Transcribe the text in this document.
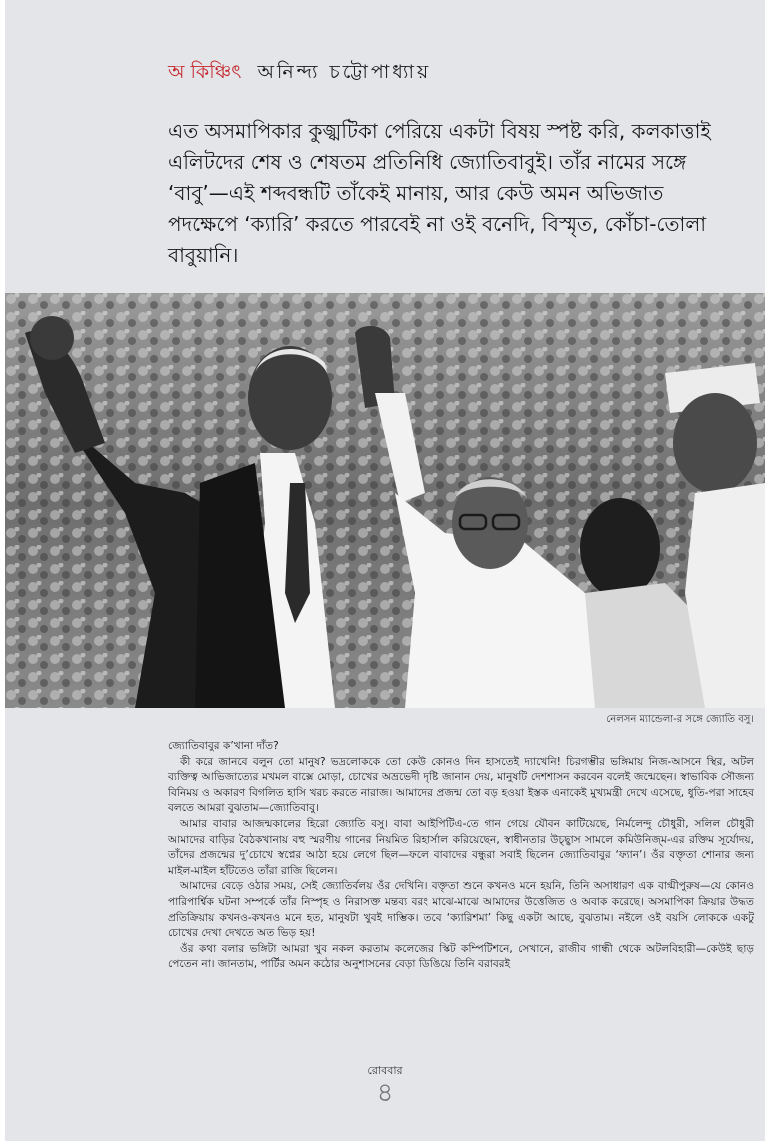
অ কিঞ্চিৎ অনিন্দ্য চট্টোপাধ্যায়

এত অসমাপিকার কুজ্ঝটিকা পেরিয়ে একটা বিষয় স্পষ্ট করি, কলকাত্তাই এলিটদের শেষ ও শেষতম প্রতিনিধি জ্যোতিবাবুই। তাঁর নামের সঙ্গে ‘বাবু’—এই শব্দবন্ধটি তাঁকেই মানায়, আর কেউ অমন অভিজাত পদক্ষেপে ‘ক্যারি’ করতে পারবেই না ওই বনেদি, বিস্মৃত, কোঁচা-তোলা বাবুয়ানি।

নেলসন ম্যান্ডেলা-র সঙ্গে জ্যোতি বসু।

জ্যোতিবাবুর ক’খানা দাঁত?

কী করে জানবে বলুন তো মানুষ? ভদ্রলোককে তো কেউ কোনও দিন হাসতেই দ্যাখেনি! চিরগম্ভীর ভঙ্গিমায় নিজ-আসনে স্থির, অটল ব্যক্তিত্ব আভিজাত্যের মখমল বাক্সে মোড়া, চোখের অভ্রভেদী দৃষ্টি জানান দেয়, মানুষটি দেশশাসন করবেন বলেই জন্মেছেন। স্বাভাবিক সৌজন্য বিনিময় ও অকারণ বিগলিত হাসি খরচ করতে নারাজ। আমাদের প্রজন্ম তো বড় হওয়া ইস্তক এনাকেই মুখ্যমন্ত্রী দেখে এসেছে, ধুতি-পরা সাহেব বলতে আমরা বুঝতাম—জ্যোতিবাবু।

আমার বাবার আজন্মকালের হিরো জ্যোতি বসু। বাবা আইপিটিএ-তে গান গেয়ে যৌবন কাটিয়েছে, নির্মলেন্দু চৌধুরী, সলিল চৌধুরী আমাদের বাড়ির বৈঠকখানায় বহু স্মরণীয় গানের নিয়মিত রিহার্সাল করিয়েছেন, স্বাধীনতার উচ্ছ্বাস সামলে কমিউনিজ্‌ম-এর রক্তিম সূর্যোদয়, তাঁদের প্রজন্মের দু’চোখে স্বপ্নের আঠা হয়ে লেগে ছিল—ফলে বাবাদের বন্ধুরা সবাই ছিলেন জ্যোতিবাবুর ‘ফ্যান’। ওঁর বক্তৃতা শোনার জন্য মাইল-মাইল হাঁটতেও তাঁরা রাজি ছিলেন।

আমাদের বেড়ে ওঠার সময়, সেই জ্যোতির্বলয় ওঁর দেখিনি। বক্তৃতা শুনে কখনও মনে হয়নি, তিনি অসাধারণ এক বাগ্মীপুরুষ—যে কোনও পারিপার্শ্বিক ঘটনা সম্পর্কে তাঁর নিস্পৃহ ও নিরাসক্ত মন্তব্য বরং মাঝে-মাঝে আমাদের উত্তেজিত ও অবাক করেছে। অসমাপিকা ক্রিয়ার উদ্ধত প্রতিক্রিয়ায় কখনও-কখনও মনে হত, মানুষটা খুবই দাম্ভিক। তবে ‘ক্যারিশমা’ কিছু একটা আছে, বুঝতাম। নইলে ওই বয়সি লোককে একটু চোখের দেখা দেখতে অত ভিড় হয়!

ওঁর কথা বলার ভঙ্গিটা আমরা খুব নকল করতাম কলেজের স্কিট কম্পিটিশনে, সেখানে, রাজীব গান্ধী থেকে অটলবিহারী—কেউই ছাড় পেতেন না। জানতাম, পার্টির অমন কঠোর অনুশাসনের বেড়া ডিঙিয়ে তিনি বরাবরই

রোববার
৪
